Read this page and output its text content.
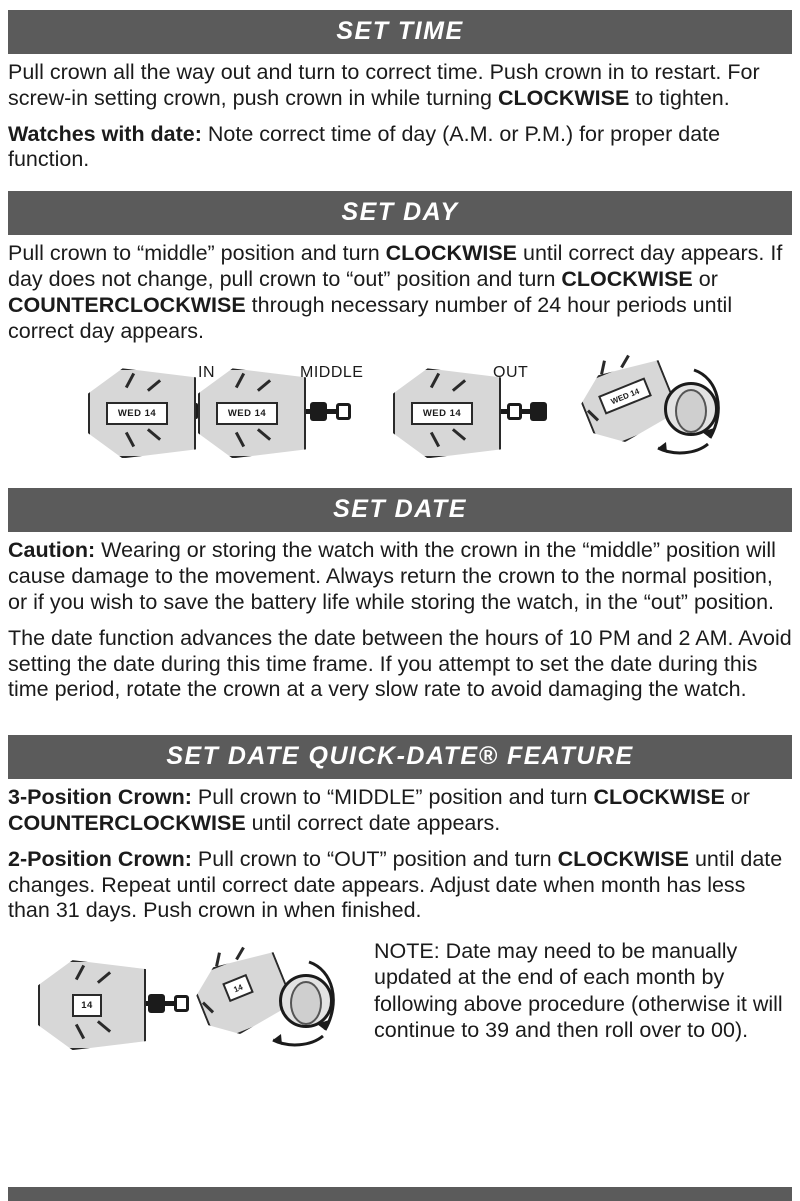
SET TIME

Pull crown all the way out and turn to correct time. Push crown in to restart. For screw-in setting crown, push crown in while turning CLOCKWISE to tighten.

Watches with date: Note correct time of day (A.M. or P.M.) for proper date function.

SET DAY

Pull crown to “middle” position and turn CLOCKWISE until correct day appears. If day does not change, pull crown to “out” position and turn CLOCKWISE or COUNTERCLOCKWISE through necessary number of 24 hour periods until correct day appears.

WED 14
IN
WED 14
MIDDLE
WED 14
OUT
WED 14
SET DATE

Caution: Wearing or storing the watch with the crown in the “middle” position will cause damage to the movement. Always return the crown to the normal position, or if you wish to save the battery life while storing the watch, in the “out” position.

The date function advances the date between the hours of 10 PM and 2 AM. Avoid setting the date during this time frame. If you attempt to set the date during this time period, rotate the crown at a very slow rate to avoid damaging the watch.

SET DATE QUICK-DATE® FEATURE

3-Position Crown: Pull crown to “MIDDLE” position and turn CLOCKWISE or COUNTERCLOCKWISE until correct date appears.

2-Position Crown: Pull crown to “OUT” position and turn CLOCKWISE until date changes. Repeat until correct date appears. Adjust date when month has less than 31 days. Push crown in when finished.

14
14
NOTE: Date may need to be manually updated at the end of each month by following above procedure (otherwise it will continue to 39 and then roll over to 00).
